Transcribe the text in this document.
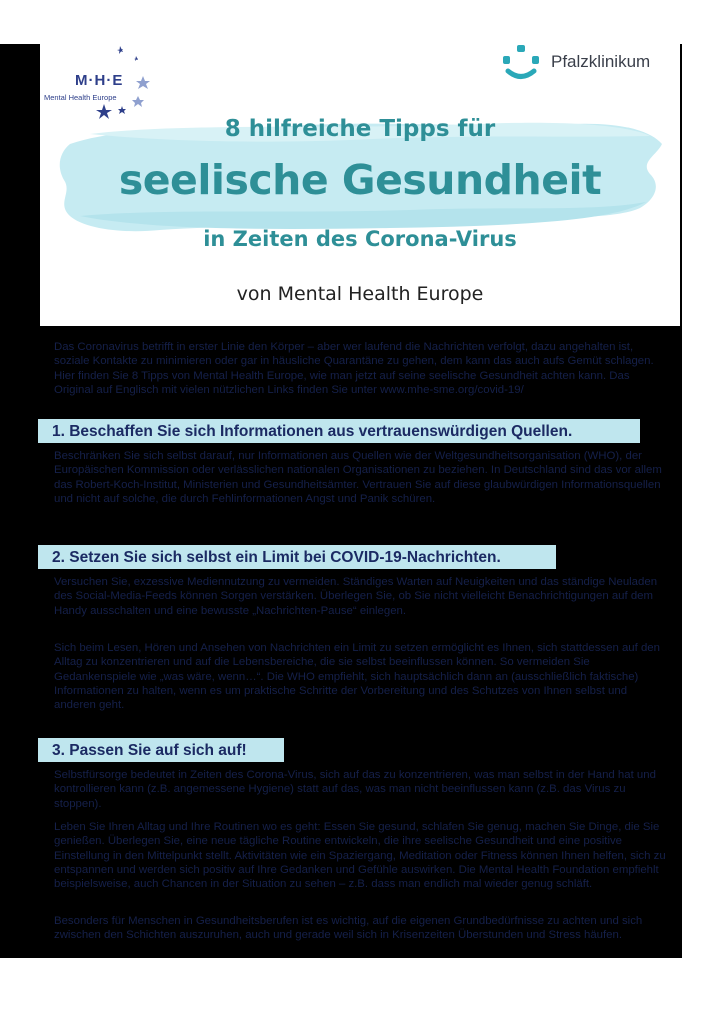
M·H·E
Mental Health Europe
Pfalzklinikum
8 hilfreiche Tipps für
seelische Gesundheit
in Zeiten des Corona-Virus
von Mental Health Europe

Das Coronavirus betrifft in erster Linie den Körper – aber wer laufend die Nachrichten verfolgt, dazu angehalten ist, soziale Kontakte zu minimieren oder gar in häusliche Quarantäne zu gehen, dem kann das auch aufs Gemüt schlagen. Hier finden Sie 8 Tipps von Mental Health Europe, wie man jetzt auf seine seelische Gesundheit achten kann. Das Original auf Englisch mit vielen nützlichen Links finden Sie unter www.mhe-sme.org/covid-19/

1. Beschaffen Sie sich Informationen aus vertrauenswürdigen Quellen.

Beschränken Sie sich selbst darauf, nur Informationen aus Quellen wie der Weltgesundheitsorganisation (WHO), der Europäischen Kommission oder verlässlichen nationalen Organisationen zu beziehen. In Deutschland sind das vor allem das Robert-Koch-Institut, Ministerien und Gesundheitsämter. Vertrauen Sie auf diese glaubwürdigen Informationsquellen und nicht auf solche, die durch Fehlinformationen Angst und Panik schüren.

2. Setzen Sie sich selbst ein Limit bei COVID-19-Nachrichten.

Versuchen Sie, exzessive Mediennutzung zu vermeiden. Ständiges Warten auf Neuigkeiten und das ständige Neuladen des Social-Media-Feeds können Sorgen verstärken. Überlegen Sie, ob Sie nicht vielleicht Benachrichtigungen auf dem Handy ausschalten und eine bewusste „Nachrichten-Pause“ einlegen.

Sich beim Lesen, Hören und Ansehen von Nachrichten ein Limit zu setzen ermöglicht es Ihnen, sich stattdessen auf den Alltag zu konzentrieren und auf die Lebensbereiche, die sie selbst beeinflussen können. So vermeiden Sie Gedankenspiele wie „was wäre, wenn…“. Die WHO empfiehlt, sich hauptsächlich dann an (ausschließlich faktische) Informationen zu halten, wenn es um praktische Schritte der Vorbereitung und des Schutzes von Ihnen selbst und anderen geht.

3. Passen Sie auf sich auf!

Selbstfürsorge bedeutet in Zeiten des Corona-Virus, sich auf das zu konzentrieren, was man selbst in der Hand hat und kontrollieren kann (z.B. angemessene Hygiene) statt auf das, was man nicht beeinflussen kann (z.B. das Virus zu stoppen).

Leben Sie Ihren Alltag und Ihre Routinen wo es geht: Essen Sie gesund, schlafen Sie genug, machen Sie Dinge, die Sie genießen. Überlegen Sie, eine neue tägliche Routine entwickeln, die ihre seelische Gesundheit und eine positive Einstellung in den Mittelpunkt stellt. Aktivitäten wie ein Spaziergang, Meditation oder Fitness können Ihnen helfen, sich zu entspannen und werden sich positiv auf Ihre Gedanken und Gefühle auswirken. Die Mental Health Foundation empfiehlt beispielsweise, auch Chancen in der Situation zu sehen – z.B. dass man endlich mal wieder genug schläft.

Besonders für Menschen in Gesundheitsberufen ist es wichtig, auf die eigenen Grundbedürfnisse zu achten und sich zwischen den Schichten auszuruhen, auch und gerade weil sich in Krisenzeiten Überstunden und Stress häufen.
